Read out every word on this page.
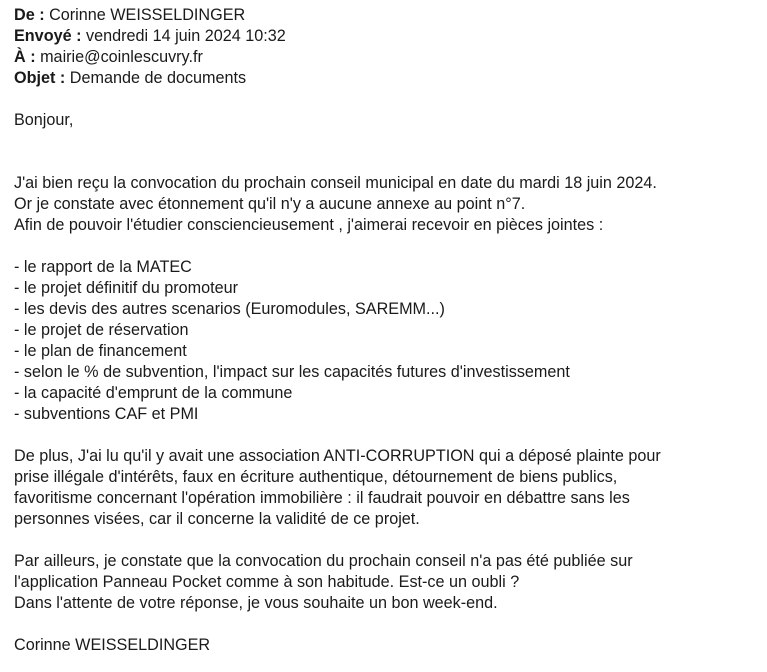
De : Corinne WEISSELDINGER
Envoyé : vendredi 14 juin 2024 10:32
À : mairie@coinlescuvry.fr
Objet : Demande de documents
Bonjour,
J'ai bien reçu la convocation du prochain conseil municipal en date du mardi 18 juin 2024.
Or je constate avec étonnement qu'il n'y a aucune annexe au point n°7.
Afin de pouvoir l'étudier consciencieusement , j'aimerai recevoir en pièces jointes :
- le rapport de la MATEC
- le projet définitif du promoteur
- les devis des autres scenarios (Euromodules, SAREMM...)
- le projet de réservation
- le plan de financement
- selon le % de subvention, l'impact sur les capacités futures d'investissement
- la capacité d'emprunt de la commune
- subventions CAF et PMI
De plus, J'ai lu qu'il y avait une association ANTI-CORRUPTION qui a déposé plainte pour
prise illégale d'intérêts, faux en écriture authentique, détournement de biens publics,
favoritisme concernant l'opération immobilière : il faudrait pouvoir en débattre sans les
personnes visées, car il concerne la validité de ce projet.
Par ailleurs, je constate que la convocation du prochain conseil n'a pas été publiée sur
l'application Panneau Pocket comme à son habitude. Est-ce un oubli ?
Dans l'attente de votre réponse, je vous souhaite un bon week-end.
Corinne WEISSELDINGER
